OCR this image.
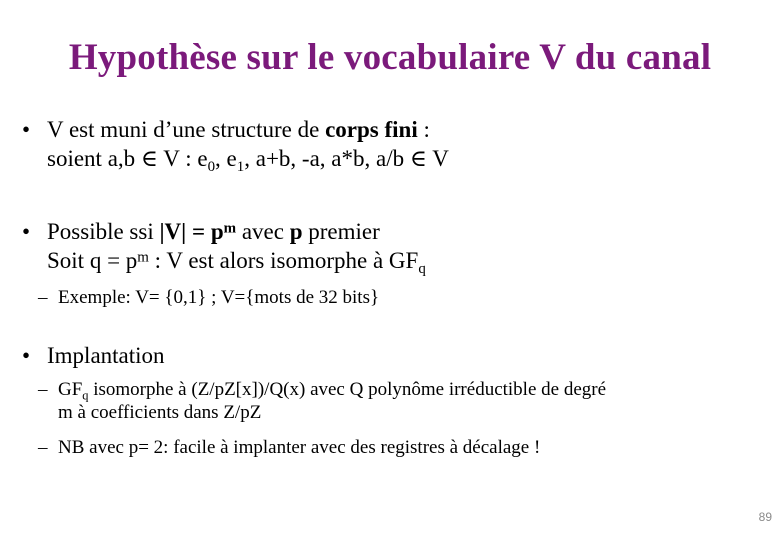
Hypothèse sur le vocabulaire V du canal
• V est muni d’une structure de corps fini :
soient a,b ∈ V : $e_0$, $e_1$, a+b, -a, a*b, a/b ∈ V
• Possible ssi $|V| = p^m$ avec p premier
Soit $q = p^m$ : V est alors isomorphe à $GF_q$
– Exemple: V= {0,1} ; V={mots de 32 bits}
• Implantation
– $GF_q$ isomorphe à (Z/pZ[x])/Q(x) avec Q polynôme irréductible de degré
m à coefficients dans Z/pZ
– NB avec p= 2: facile à implanter avec des registres à décalage !
89
